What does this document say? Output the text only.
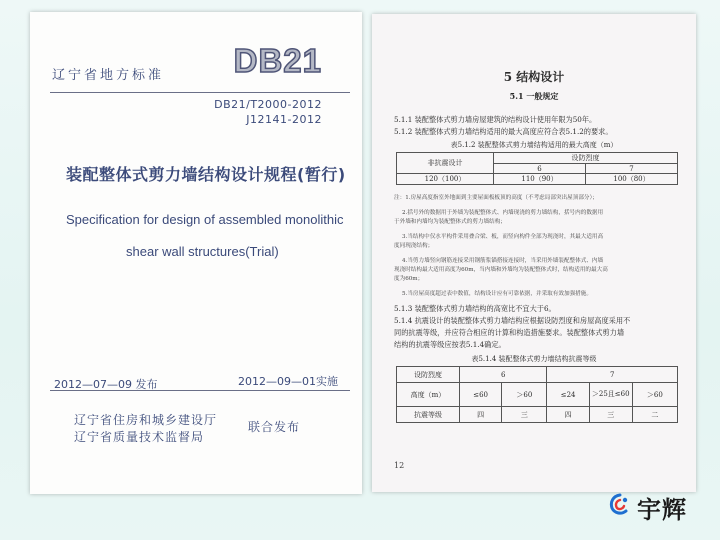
辽宁省地方标准 DB21
DB21/T2000-2012
J12141-2012
装配整体式剪力墙结构设计规程(暂行)
Specification for design of assembled monolithic
shear wall structures(Trial)
2012—07—09 发布	2012—09—01实施
辽宁省住房和城乡建设厅
辽宁省质量技术监督局
联合发布
5 结构设计
5.1 一般规定
5.1.1 装配整体式剪力墙房屋建筑的结构设计使用年限为50年。
5.1.2 装配整体式剪力墙结构适用的最大高度应符合表5.1.2的要求。
表5.1.2 装配整体式剪力墙结构适用的最大高度（m）
非抗震设计	设防烈度	
	6	7
120（100）	110（90）	100（80）
注：1.房屋高度指室外地面到主要屋面板板顶的高度（不考虑局部突出屋顶部分）；
2.括号外的数据用于外墙为装配整体式、内墙现浇的剪力墙结构，括号内的数据用
于外墙和内墙均为装配整体式的剪力墙结构；
3.当结构中仅水平构件采用叠合梁、板，而竖向构件全部为现浇时，其最大适用高
度同现浇结构；
4.当剪力墙竖向钢筋连接采用钢筋浆锚搭接连接时，当采用外墙装配整体式、内墙
现浇时结构最大适用高度为60m，当内墙和外墙均为装配整体式时，结构适用的最大高
度为60m；
5.当房屋高度超过表中数值，结构设计应有可靠依据，并采取有效加强措施。
5.1.3 装配整体式剪力墙结构的高宽比不宜大于6。
5.1.4 抗震设计的装配整体式剪力墙结构应根据设防烈度和房屋高度采用不
同的抗震等级，并应符合相应的计算和构造措施要求。装配整体式剪力墙
结构的抗震等级应按表5.1.4确定。
表5.1.4 装配整体式剪力墙结构抗震等级
设防烈度	6		7		
高度（m）	≤60	＞60	≤24	＞25且≤60	＞60
抗震等级	四	三	四	三	二
12
宇辉
